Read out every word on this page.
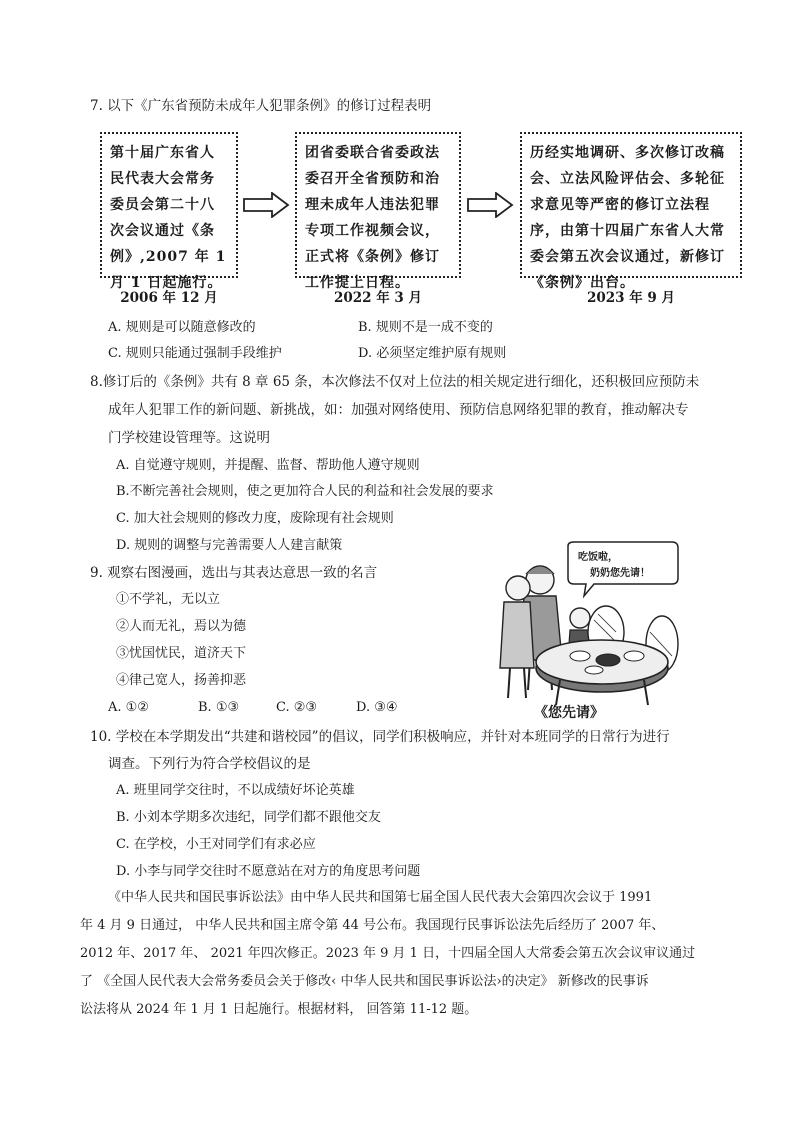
7. 以下《广东省预防未成年人犯罪条例》的修订过程表明
第十届广东省人民代表大会常务委员会第二十八次会议通过《条例》,2007 年 1 月 1 日起施行。
2006 年 12 月
团省委联合省委政法委召开全省预防和治理未成年人违法犯罪专项工作视频会议，正式将《条例》修订工作提上日程。
2022 年 3 月
历经实地调研、多次修订改稿会、立法风险评估会、多轮征求意见等严密的修订立法程序，由第十四届广东省人大常委会第五次会议通过，新修订《条例》出台。
2023 年 9 月
A. 规则是可以随意修改的	B. 规则不是一成不变的
C. 规则只能通过强制手段维护	D. 必须坚定维护原有规则
8.修订后的《条例》共有 8 章 65 条，本次修法不仅对上位法的相关规定进行细化，还积极回应预防未
成年人犯罪工作的新问题、新挑战，如：加强对网络使用、预防信息网络犯罪的教育，推动解决专
门学校建设管理等。这说明
A. 自觉遵守规则，并提醒、监督、帮助他人遵守规则
B.不断完善社会规则，使之更加符合人民的利益和社会发展的要求
C. 加大社会规则的修改力度，废除现有社会规则
D. 规则的调整与完善需要人人建言献策
9. 观察右图漫画，选出与其表达意思一致的名言
①不学礼，无以立
②人而无礼，焉以为德
③忧国忧民，道济天下
④律己宽人，扬善抑恶
A. ①②	B. ①③	C. ②③	D. ③④
吃饭啦，
奶奶您先请！
《您先请》
10. 学校在本学期发出“共建和谐校园”的倡议，同学们积极响应，并针对本班同学的日常行为进行
调查。下列行为符合学校倡议的是
A. 班里同学交往时，不以成绩好坏论英雄
B. 小刘本学期多次违纪，同学们都不跟他交友
C. 在学校，小王对同学们有求必应
D. 小李与同学交往时不愿意站在对方的角度思考问题
《中华人民共和国民事诉讼法》由中华人民共和国第七届全国人民代表大会第四次会议于 1991
年 4 月 9 日通过， 中华人民共和国主席令第 44 号公布。我国现行民事诉讼法先后经历了 2007 年、
2012 年、2017 年、 2021 年四次修正。2023 年 9 月 1 日，十四届全国人大常委会第五次会议审议通过
了 《全国人民代表大会常务委员会关于修改‹ 中华人民共和国民事诉讼法›的决定》 新修改的民事诉
讼法将从 2024 年 1 月 1 日起施行。根据材料， 回答第 11-12 题。
